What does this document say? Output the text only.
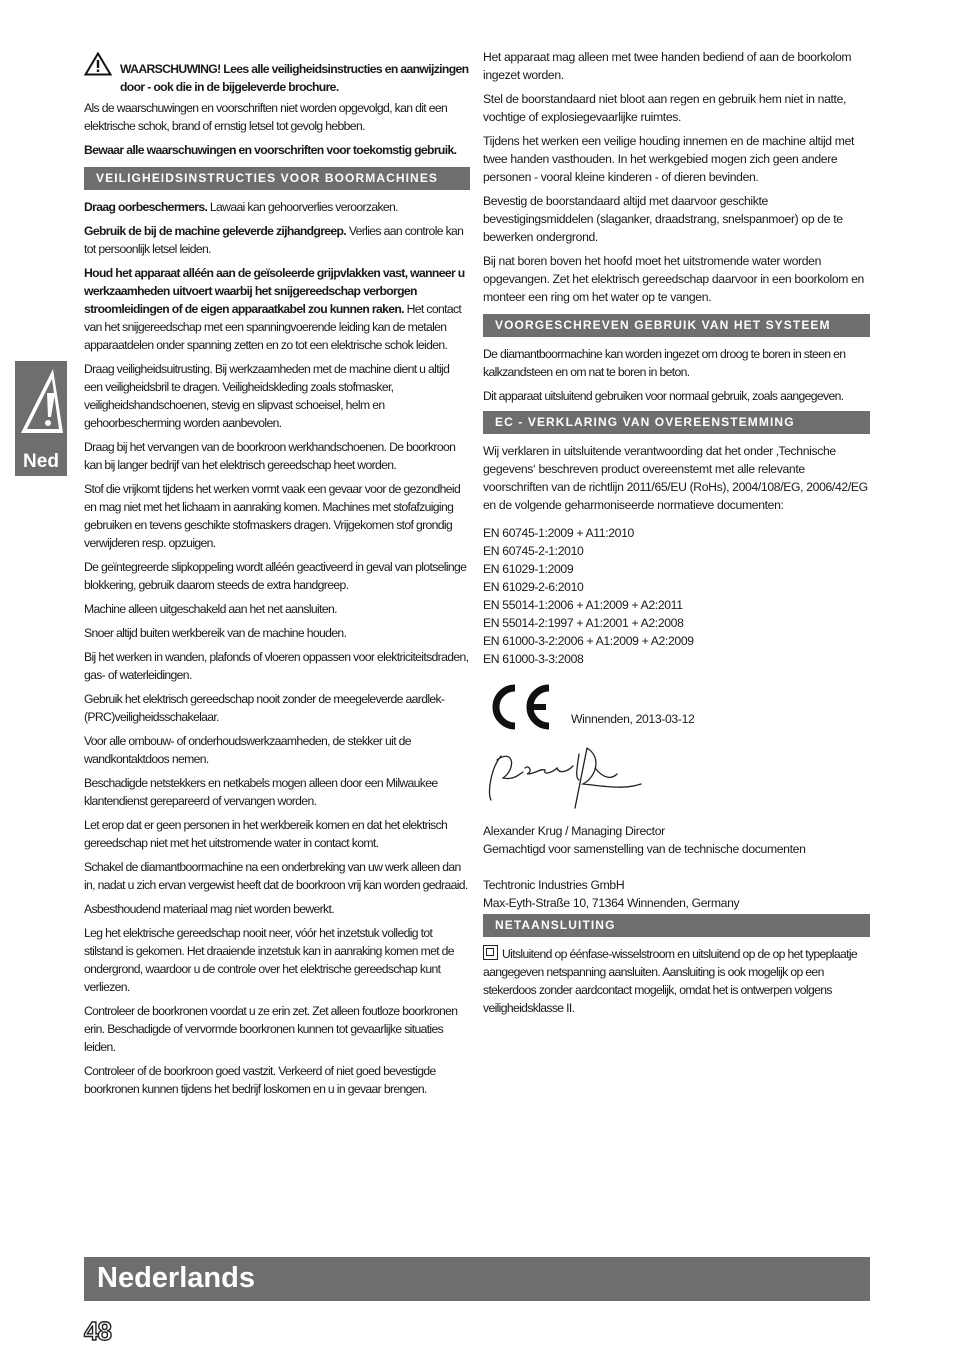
Ned

WAARSCHUWING! Lees alle veiligheidsinstructies en aanwijzingen door - ook die in de bijgeleverde brochure.

Als de waarschuwingen en voorschriften niet worden opgevolgd, kan dit een elektrische schok, brand of ernstig letsel tot gevolg hebben.

Bewaar alle waarschuwingen en voorschriften voor toekomstig gebruik.

VEILIGHEIDSINSTRUCTIES VOOR BOORMACHINES

Draag oorbeschermers. Lawaai kan gehoorverlies veroorzaken.

Gebruik de bij de machine geleverde zijhandgreep. Verlies aan controle kan tot persoonlijk letsel leiden.

Houd het apparaat alléén aan de geïsoleerde grijpvlakken vast, wanneer u werkzaamheden uitvoert waarbij het snijgereedschap verborgen stroomleidingen of de eigen apparaatkabel zou kunnen raken. Het contact van het snijgereedschap met een spanningvoerende leiding kan de metalen apparaatdelen onder spanning zetten en zo tot een elektrische schok leiden.

Draag veiligheidsuitrusting. Bij werkzaamheden met de machine dient u altijd een veiligheidsbril te dragen. Veiligheidskleding zoals stofmasker, veiligheidshandschoenen, stevig en slipvast schoeisel, helm en gehoorbescherming worden aanbevolen.

Draag bij het vervangen van de boorkroon werkhandschoenen. De boorkroon kan bij langer bedrijf van het elektrisch gereedschap heet worden.

Stof die vrijkomt tijdens het werken vormt vaak een gevaar voor de gezondheid en mag niet met het lichaam in aanraking komen. Machines met stofafzuiging gebruiken en tevens geschikte stofmaskers dragen. Vrijgekomen stof grondig verwijderen resp. opzuigen.

De geïntegreerde slipkoppeling wordt alléén geactiveerd in geval van plotselinge blokkering, gebruik daarom steeds de extra handgreep.

Machine alleen uitgeschakeld aan het net aansluiten.

Snoer altijd buiten werkbereik van de machine houden.

Bij het werken in wanden, plafonds of vloeren oppassen voor elektriciteitsdraden, gas- of waterleidingen.

Gebruik het elektrisch gereedschap nooit zonder de meegeleverde aardlek-(PRC)veiligheidsschakelaar.

Voor alle ombouw- of onderhoudswerkzaamheden, de stekker uit de wandkontaktdoos nemen.

Beschadigde netstekkers en netkabels mogen alleen door een Milwaukee klantendienst gerepareerd of vervangen worden.

Let erop dat er geen personen in het werkbereik komen en dat het elektrisch gereedschap niet met het uitstromende water in contact komt.

Schakel de diamantboormachine na een onderbreking van uw werk alleen dan in, nadat u zich ervan vergewist heeft dat de boorkroon vrij kan worden gedraaid.

Asbesthoudend materiaal mag niet worden bewerkt.

Leg het elektrische gereedschap nooit neer, vóór het inzetstuk volledig tot stilstand is gekomen. Het draaiende inzetstuk kan in aanraking komen met de ondergrond, waardoor u de controle over het elektrische gereedschap kunt verliezen.

Controleer de boorkronen voordat u ze erin zet. Zet alleen foutloze boorkronen erin. Beschadigde of vervormde boorkronen kunnen tot gevaarlijke situaties leiden.

Controleer of de boorkroon goed vastzit. Verkeerd of niet goed bevestigde boorkronen kunnen tijdens het bedrijf loskomen en u in gevaar brengen.

Het apparaat mag alleen met twee handen bediend of aan de boorkolom ingezet worden.

Stel de boorstandaard niet bloot aan regen en gebruik hem niet in natte, vochtige of explosiegevaarlijke ruimtes.

Tijdens het werken een veilige houding innemen en de machine altijd met twee handen vasthouden. In het werkgebied mogen zich geen andere personen - vooral kleine kinderen - of dieren bevinden.

Bevestig de boorstandaard altijd met daarvoor geschikte bevestigingsmiddelen (slaganker, draadstrang, snelspanmoer) op de te bewerken ondergrond.

Bij nat boren boven het hoofd moet het uitstromende water worden opgevangen. Zet het elektrisch gereedschap daarvoor in een boorkolom en monteer een ring om het water op te vangen.

VOORGESCHREVEN GEBRUIK VAN HET SYSTEEM

De diamantboormachine kan worden ingezet om droog te boren in steen en kalkzandsteen en om nat te boren in beton.

Dit apparaat uitsluitend gebruiken voor normaal gebruik, zoals aangegeven.

EC - VERKLARING VAN OVEREENSTEMMING

Wij verklaren in uitsluitende verantwoording dat het onder ‚Technische gegevens‘ beschreven product overeenstemt met alle relevante voorschriften van de richtlijn 2011/65/EU (RoHs), 2004/108/EG, 2006/42/EG en de volgende geharmoniseerde normatieve documenten:

EN 60745-1:2009 + A11:2010

EN 60745-2-1:2010

EN 61029-1:2009

EN 61029-2-6:2010

EN 55014-1:2006 + A1:2009 + A2:2011

EN 55014-2:1997 + A1:2001 + A2:2008

EN 61000-3-2:2006 + A1:2009 + A2:2009

EN 61000-3-3:2008

Winnenden, 2013-03-12

Alexander Krug / Managing Director

Gemachtigd voor samenstelling van de technische documenten

Techtronic Industries GmbH

Max-Eyth-Straße 10, 71364 Winnenden, Germany

NETAANSLUITING

Uitsluitend op éénfase-wisselstroom en uitsluitend op de op het typeplaatje aangegeven netspanning aansluiten. Aansluiting is ook mogelijk op een stekerdoos zonder aardcontact mogelijk, omdat het is ontwerpen volgens veiligheidsklasse II.

Nederlands
48
